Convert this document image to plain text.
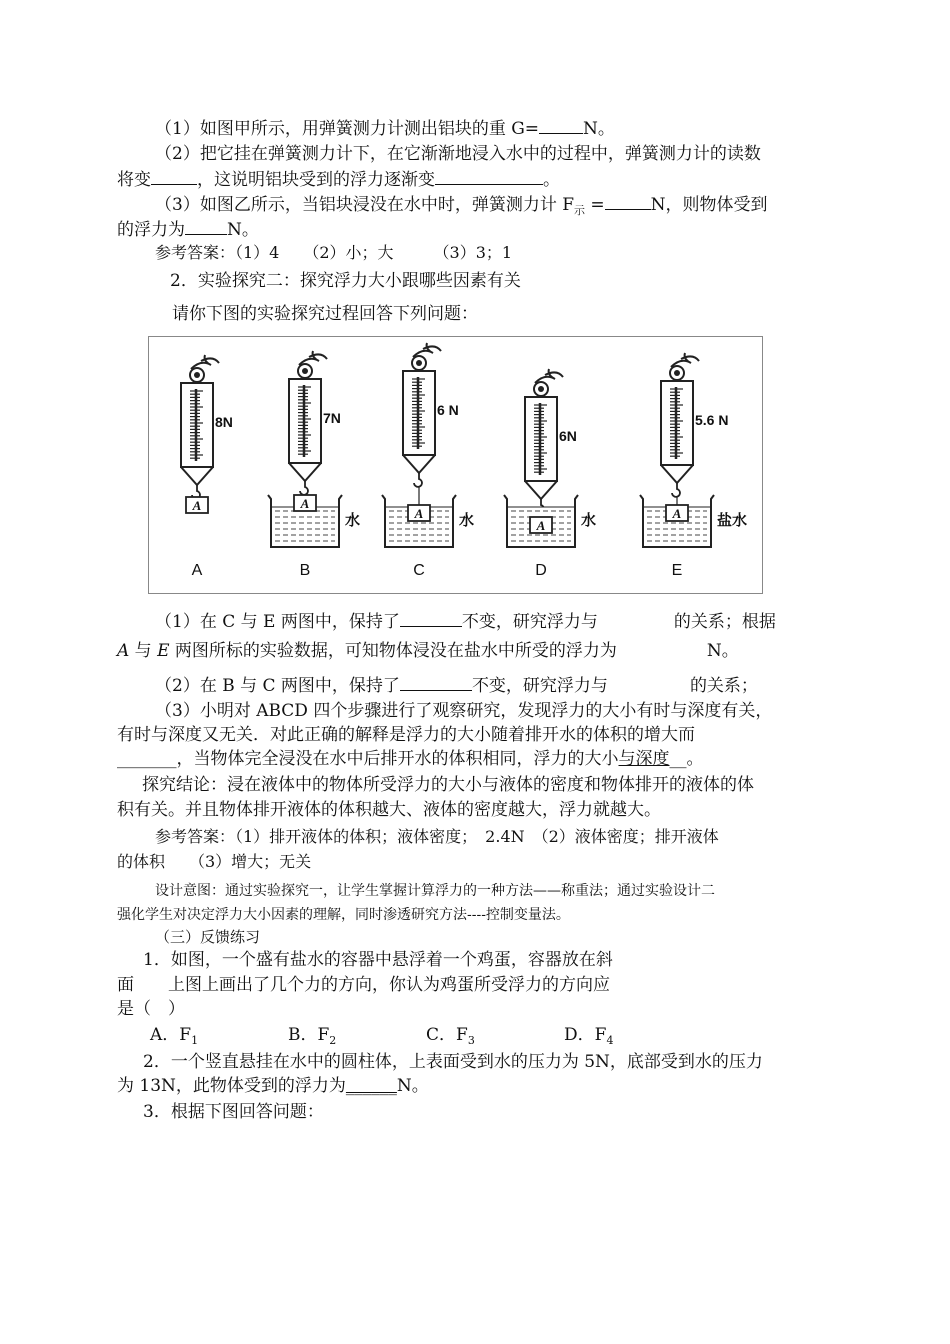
（1）如图甲所示，用弹簧测力计测出铝块的重 G=	N。
（2）把它挂在弹簧测力计下，在它渐渐地浸入水中的过程中，弹簧测力计的读数
将变	，这说明铝块受到的浮力逐渐变	。
（3）如图乙所示，当铝块浸没在水中时，弹簧测力计 $F_示$ =	N，则物体受到
的浮力为 N。
参考答案：（1）4　　（2）小；大　　　（3）3；1
2．实验探究二：探究浮力大小跟哪些因素有关
请你下图的实验探究过程回答下列问题：
8N
A
A
7N
水
A
B
6 N
水
A
C
6N
水
A
D
5.6 N
盐水
A
E
（1）在 C 与 E 两图中，保持了	不变，研究浮力与	的关系；根据
A 与 E 两图所标的实验数据，可知物体浸没在盐水中所受的浮力为	N。
（2）在 B 与 C 两图中，保持了	不变，研究浮力与	的关系；
（3）小明对 ABCD 四个步骤进行了观察研究，发现浮力的大小有时与深度有关，
有时与深度又无关．对此正确的解释是浮力的大小随着排开水的体积的增大而
_______，当物体完全浸没在水中后排开水的体积相同，浮力的大小与深度__。
探究结论：浸在液体中的物体所受浮力的大小与液体的密度和物体排开的液体的体
积有关。并且物体排开液体的体积越大、液体的密度越大，浮力就越大。
参考答案：（1）排开液体的体积；液体密度；　2.4N　（2）液体密度；排开液体
的体积　　（3）增大；无关
设计意图：通过实验探究一，让学生掌握计算浮力的一种方法——称重法；通过实验设计二
强化学生对决定浮力大小因素的理解，同时渗透研究方法----控制变量法。
（三）反馈练习
1．如图，一个盛有盐水的容器中悬浮着一个鸡蛋，容器放在斜
面　　上图上画出了几个力的方向，你认为鸡蛋所受浮力的方向应
是（　）
A．$F_1$	B．$F_2$	C．$F_3$	D．$F_4$
2．一个竖直悬挂在水中的圆柱体，上表面受到水的压力为 5N，底部受到水的压力
为 13N，此物体受到的浮力为______N。
3．根据下图回答问题：
